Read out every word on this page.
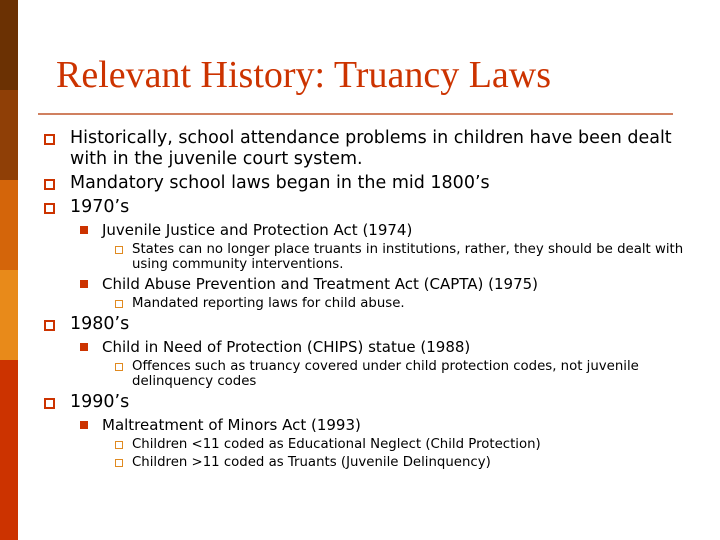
Relevant History: Truancy Laws
Historically, school attendance problems in children have been dealt with in the juvenile court system.
Mandatory school laws began in the mid 1800’s
1970’s
Juvenile Justice and Protection Act (1974)
States can no longer place truants in institutions, rather, they should be dealt with using community interventions.
Child Abuse Prevention and Treatment Act (CAPTA) (1975)
Mandated reporting laws for child abuse.
1980’s
Child in Need of Protection (CHIPS) statue (1988)
Offences such as truancy covered under child protection codes, not juvenile delinquency codes
1990’s
Maltreatment of Minors Act (1993)
Children <11 coded as Educational Neglect (Child Protection)
Children >11 coded as Truants (Juvenile Delinquency)
